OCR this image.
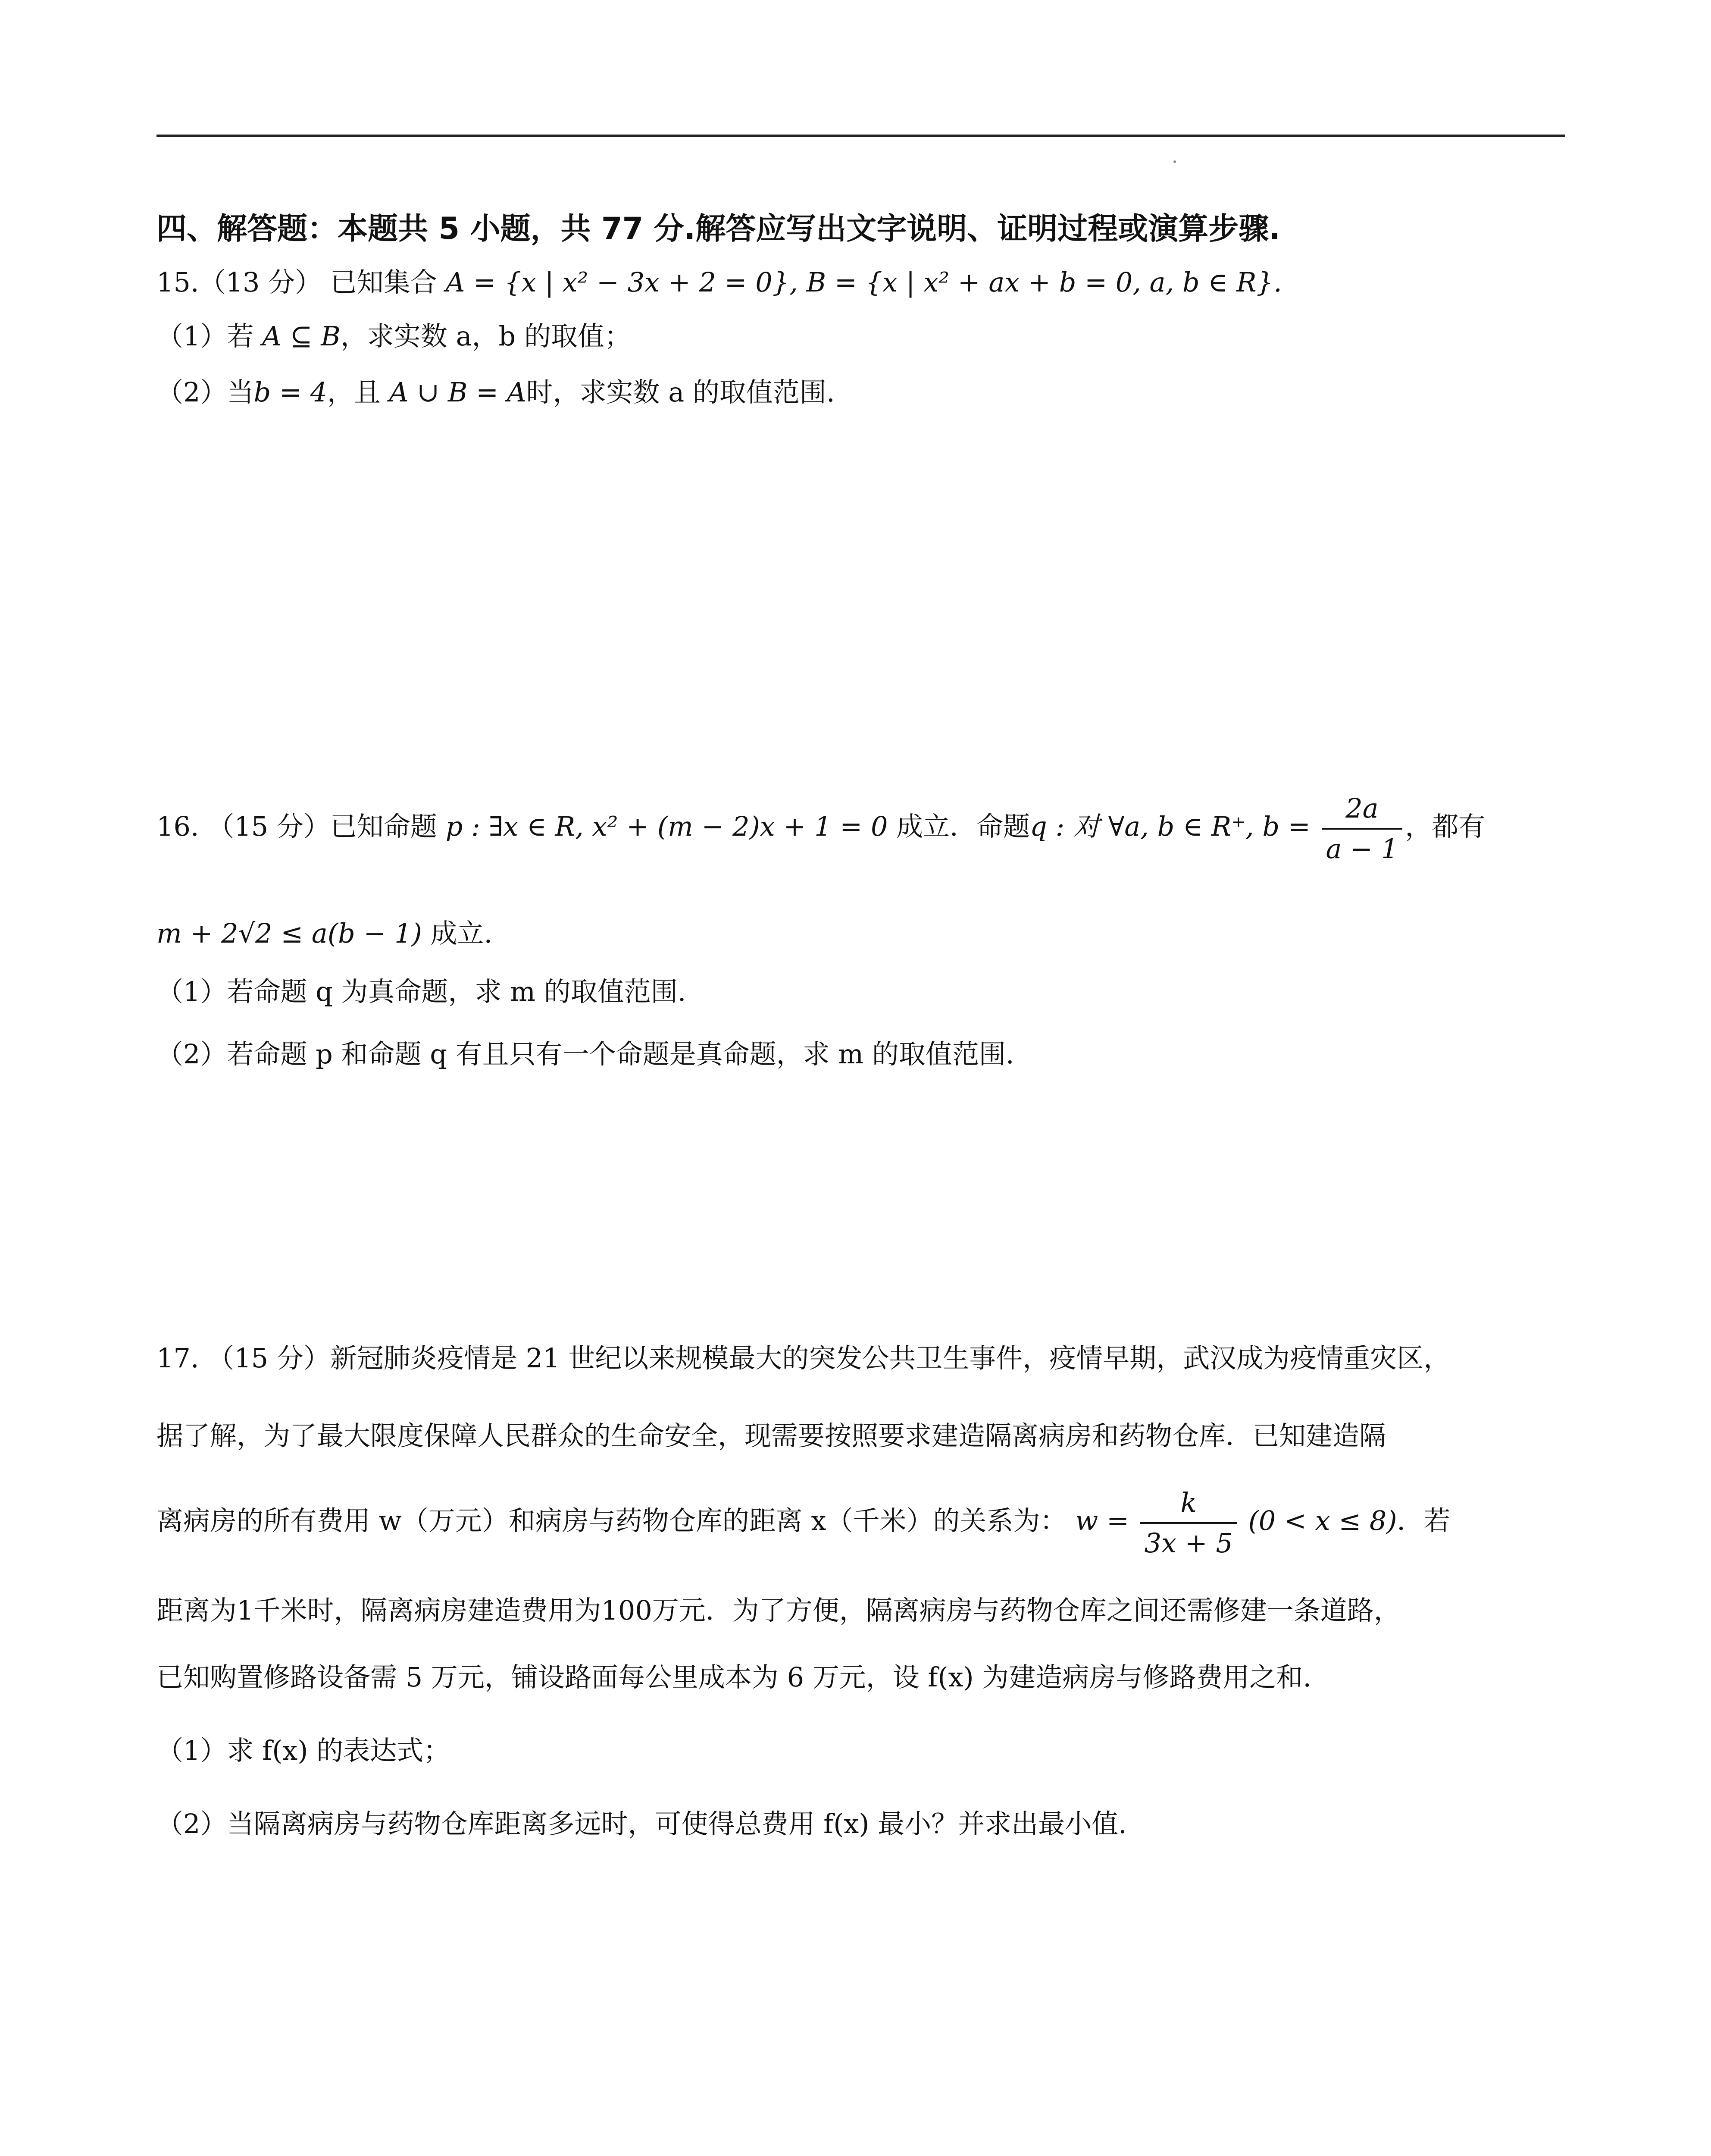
四、解答题：本题共 5 小题，共 77 分.解答应写出文字说明、证明过程或演算步骤.
15.（13 分） 已知集合 A = {x | x² − 3x + 2 = 0}, B = {x | x² + ax + b = 0, a, b ∈ R}.
（1）若 A ⊆ B，求实数 a，b 的取值；
（2）当b = 4，且 A ∪ B = A时，求实数 a 的取值范围.
16. （15 分）已知命题 p : ∃x ∈ R, x² + (m − 2)x + 1 = 0 成立．命题q : 对 ∀a, b ∈ R⁺, $b = \frac{2a}{a - 1}$ ，都有
m + 2√2 ≤ a(b − 1) 成立.
（1）若命题 q 为真命题，求 m 的取值范围.
（2）若命题 p 和命题 q 有且只有一个命题是真命题，求 m 的取值范围.
17. （15 分）新冠肺炎疫情是 21 世纪以来规模最大的突发公共卫生事件，疫情早期，武汉成为疫情重灾区，
据了解，为了最大限度保障人民群众的生命安全，现需要按照要求建造隔离病房和药物仓库．已知建造隔
离病房的所有费用 w（万元）和病房与药物仓库的距离 x（千米）的关系为： $w = \frac{k}{3x + 5} (0 < x \le 8)$．若
距离为1千米时，隔离病房建造费用为100万元．为了方便，隔离病房与药物仓库之间还需修建一条道路，
已知购置修路设备需 5 万元，铺设路面每公里成本为 6 万元，设 f(x) 为建造病房与修路费用之和.
（1）求 f(x) 的表达式；
（2）当隔离病房与药物仓库距离多远时，可使得总费用 f(x) 最小？并求出最小值.
